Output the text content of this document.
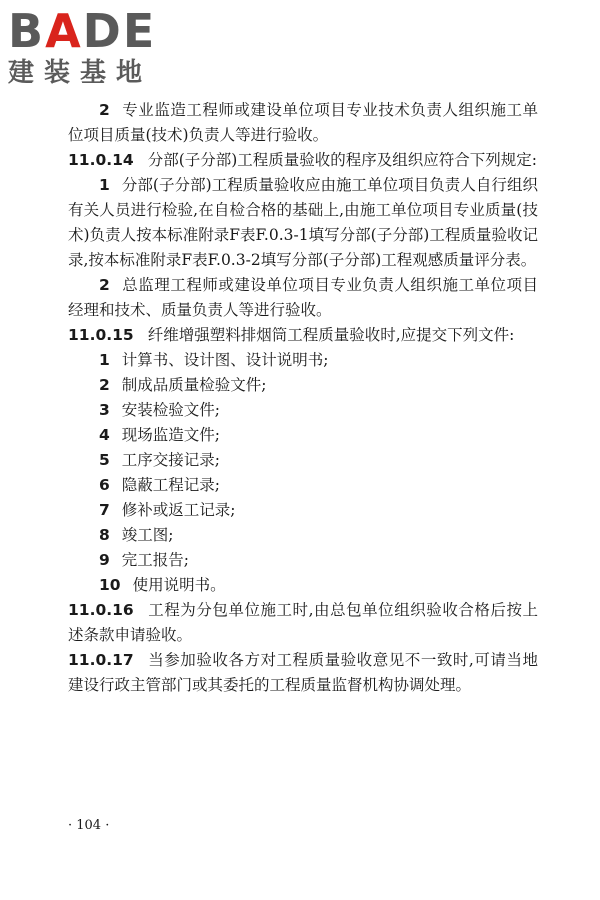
BADE
建装基地

2 专业监造工程师或建设单位项目专业技术负责人组织施工单位项目质量(技术)负责人等进行验收。

11.0.14 分部(子分部)工程质量验收的程序及组织应符合下列规定:

1 分部(子分部)工程质量验收应由施工单位项目负责人自行组织有关人员进行检验,在自检合格的基础上,由施工单位项目专业质量(技术)负责人按本标准附录F表F.0.3-1填写分部(子分部)工程质量验收记录,按本标准附录F表F.0.3-2填写分部(子分部)工程观感质量评分表。

2 总监理工程师或建设单位项目专业负责人组织施工单位项目经理和技术、质量负责人等进行验收。

11.0.15 纤维增强塑料排烟筒工程质量验收时,应提交下列文件:

1 计算书、设计图、设计说明书;

2 制成品质量检验文件;

3 安装检验文件;

4 现场监造文件;

5 工序交接记录;

6 隐蔽工程记录;

7 修补或返工记录;

8 竣工图;

9 完工报告;

10 使用说明书。

11.0.16 工程为分包单位施工时,由总包单位组织验收合格后按上述条款申请验收。

11.0.17 当参加验收各方对工程质量验收意见不一致时,可请当地建设行政主管部门或其委托的工程质量监督机构协调处理。

· 104 ·
